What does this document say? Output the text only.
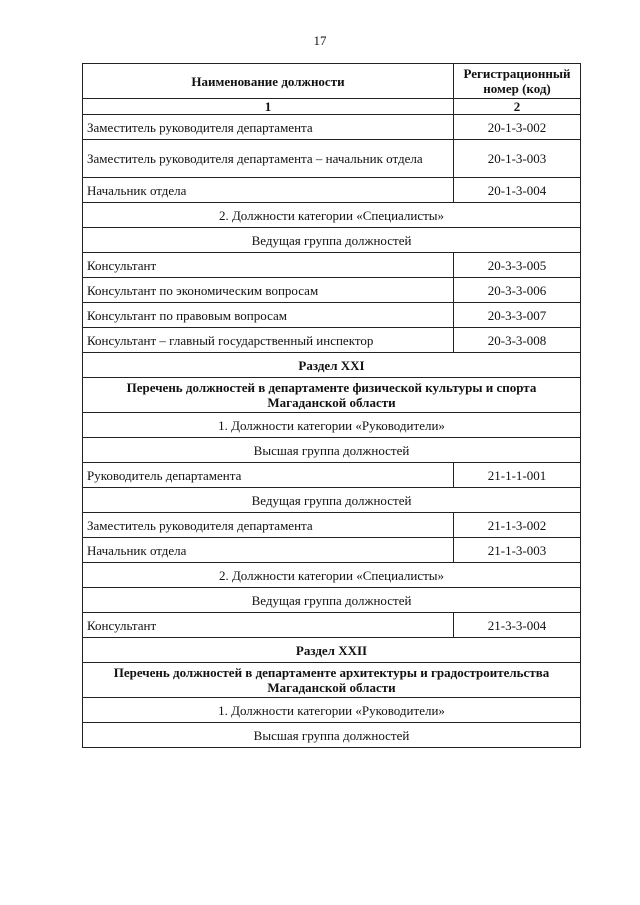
17
Наименование должности	Регистрационный номер (код)
1	2
Заместитель руководителя департамента	20-1-3-002
Заместитель руководителя департамента – начальник отдела	20-1-3-003
Начальник отдела	20-1-3-004
2. Должности категории «Специалисты»	
Ведущая группа должностей	
Консультант	20-3-3-005
Консультант по экономическим вопросам	20-3-3-006
Консультант по правовым вопросам	20-3-3-007
Консультант – главный государственный инспектор	20-3-3-008
Раздел XXI	
Перечень должностей в департаменте физической культуры и спорта Магаданской области	
1. Должности категории «Руководители»	
Высшая группа должностей	
Руководитель департамента	21-1-1-001
Ведущая группа должностей	
Заместитель руководителя департамента	21-1-3-002
Начальник отдела	21-1-3-003
2. Должности категории «Специалисты»	
Ведущая группа должностей	
Консультант	21-3-3-004
Раздел XXII	
Перечень должностей в департаменте архитектуры и градостроительства Магаданской области	
1. Должности категории «Руководители»	
Высшая группа должностей	
